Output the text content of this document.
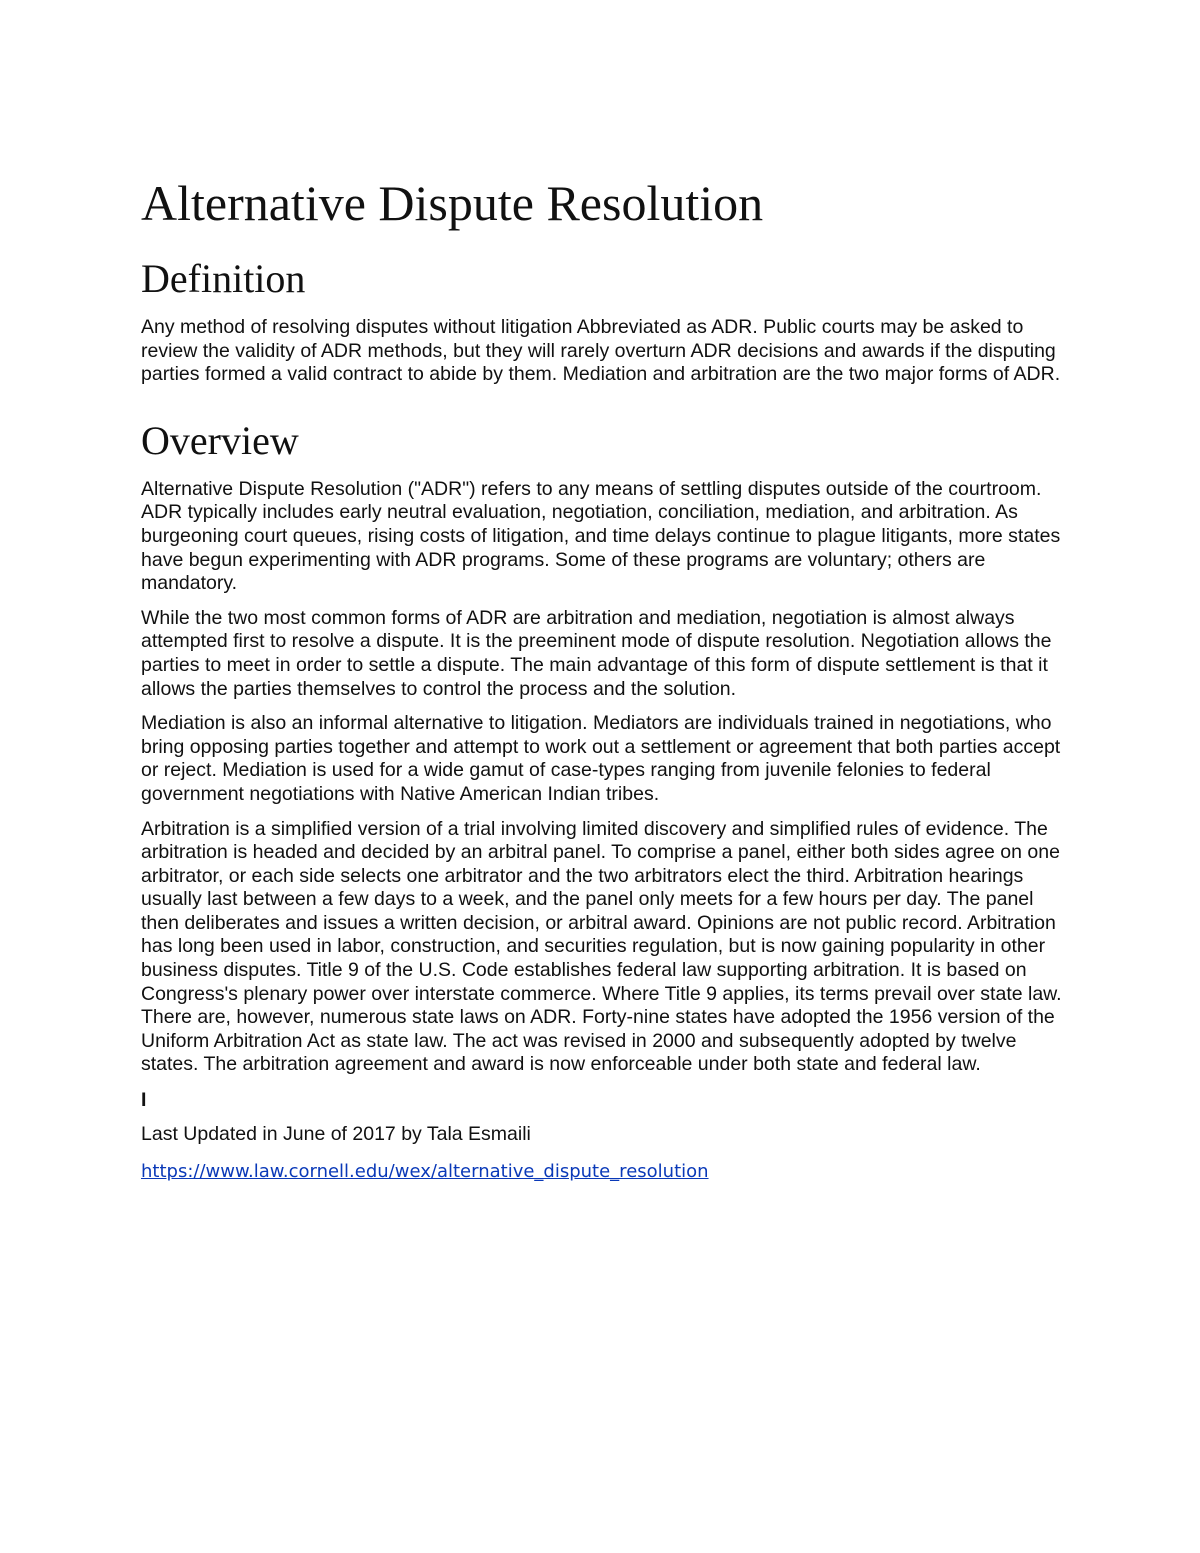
Alternative Dispute Resolution
Definition

Any method of resolving disputes without litigation Abbreviated as ADR. Public courts may be asked to review the validity of ADR methods, but they will rarely overturn ADR decisions and awards if the disputing parties formed a valid contract to abide by them. Mediation and arbitration are the two major forms of ADR.

Overview

Alternative Dispute Resolution ("ADR") refers to any means of settling disputes outside of the courtroom. ADR typically includes early neutral evaluation, negotiation, conciliation, mediation, and arbitration. As burgeoning court queues, rising costs of litigation, and time delays continue to plague litigants, more states have begun experimenting with ADR programs. Some of these programs are voluntary; others are mandatory.

While the two most common forms of ADR are arbitration and mediation, negotiation is almost always attempted first to resolve a dispute. It is the preeminent mode of dispute resolution. Negotiation allows the parties to meet in order to settle a dispute. The main advantage of this form of dispute settlement is that it allows the parties themselves to control the process and the solution.

Mediation is also an informal alternative to litigation. Mediators are individuals trained in negotiations, who bring opposing parties together and attempt to work out a settlement or agreement that both parties accept or reject. Mediation is used for a wide gamut of case-types ranging from juvenile felonies to federal government negotiations with Native American Indian tribes.

Arbitration is a simplified version of a trial involving limited discovery and simplified rules of evidence. The arbitration is headed and decided by an arbitral panel. To comprise a panel, either both sides agree on one arbitrator, or each side selects one arbitrator and the two arbitrators elect the third. Arbitration hearings usually last between a few days to a week, and the panel only meets for a few hours per day. The panel then deliberates and issues a written decision, or arbitral award. Opinions are not public record. Arbitration has long been used in labor, construction, and securities regulation, but is now gaining popularity in other business disputes. Title 9 of the U.S. Code establishes federal law supporting arbitration. It is based on Congress's plenary power over interstate commerce. Where Title 9 applies, its terms prevail over state law. There are, however, numerous state laws on ADR. Forty-nine states have adopted the 1956 version of the Uniform Arbitration Act as state law. The act was revised in 2000 and subsequently adopted by twelve states. The arbitration agreement and award is now enforceable under both state and federal law.

I

Last Updated in June of 2017 by Tala Esmaili

https://www.law.cornell.edu/wex/alternative_dispute_resolution
